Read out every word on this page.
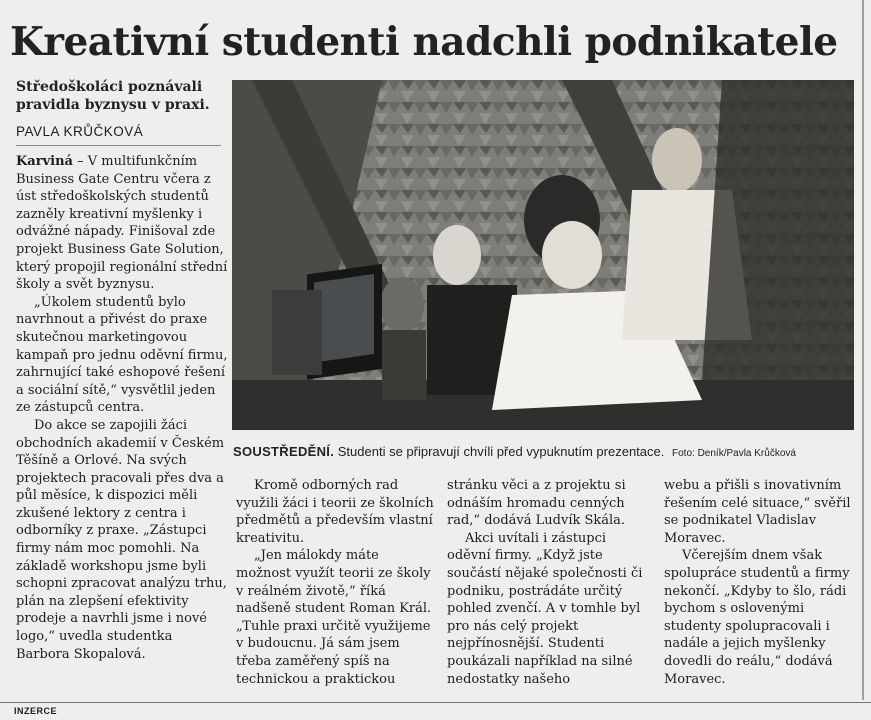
Kreativní studenti nadchli podnikatele
Středoškoláci poznávali pravidla byznysu v praxi.
PAVLA KRŮČKOVÁ

Karviná – V multifunkčním Business Gate Centru včera z úst středoškolských studentů zazněly kreativní myšlenky i odvážné nápady. Finišoval zde projekt Business Gate Solution, který propojil regionální střední školy a svět byznysu.

„Úkolem studentů bylo navrhnout a přivést do praxe skutečnou marketingovou kampaň pro jednu oděvní firmu, zahrnující také eshopové řešení a sociální sítě,“ vysvětlil jeden ze zástupců centra.

Do akce se zapojili žáci obchodních akademií v Českém Těšíně a Orlové. Na svých projektech pracovali přes dva a půl měsíce, k dispozici měli zkušené lektory z centra i odborníky z praxe. „Zástupci firmy nám moc pomohli. Na základě workshopu jsme byli schopni zpracovat analýzu trhu, plán na zlepšení efektivity prodeje a navrhli jsme i nové logo,“ uvedla studentka Barbora Skopalová.

SOUSTŘEDĚNÍ. Studenti se připravují chvíli před vypuknutím prezentace. Foto: Deník/Pavla Krůčková

Kromě odborných rad využili žáci i teorii ze školních předmětů a především vlastní kreativitu.

„Jen málokdy máte možnost využít teorii ze školy v reálném životě,“ říká nadšeně student Roman Král. „Tuhle praxi určitě využijeme v budoucnu. Já sám jsem třeba zaměřený spíš na technickou a praktickou

stránku věci a z projektu si odnáším hromadu cenných rad,“ dodává Ludvík Skála.

Akci uvítali i zástupci oděvní firmy. „Když jste součástí nějaké společnosti či podniku, postrádáte určitý pohled zvenčí. A v tomhle byl pro nás celý projekt nejpřínosnější. Studenti poukázali například na silné nedostatky našeho

webu a přišli s inovativním řešením celé situace,“ svěřil se podnikatel Vladislav Moravec.

Včerejším dnem však spolupráce studentů a firmy nekončí. „Kdyby to šlo, rádi bychom s oslovenými studenty spolupracovali i nadále a jejich myšlenky dovedli do reálu,“ dodává Moravec.

INZERCE
